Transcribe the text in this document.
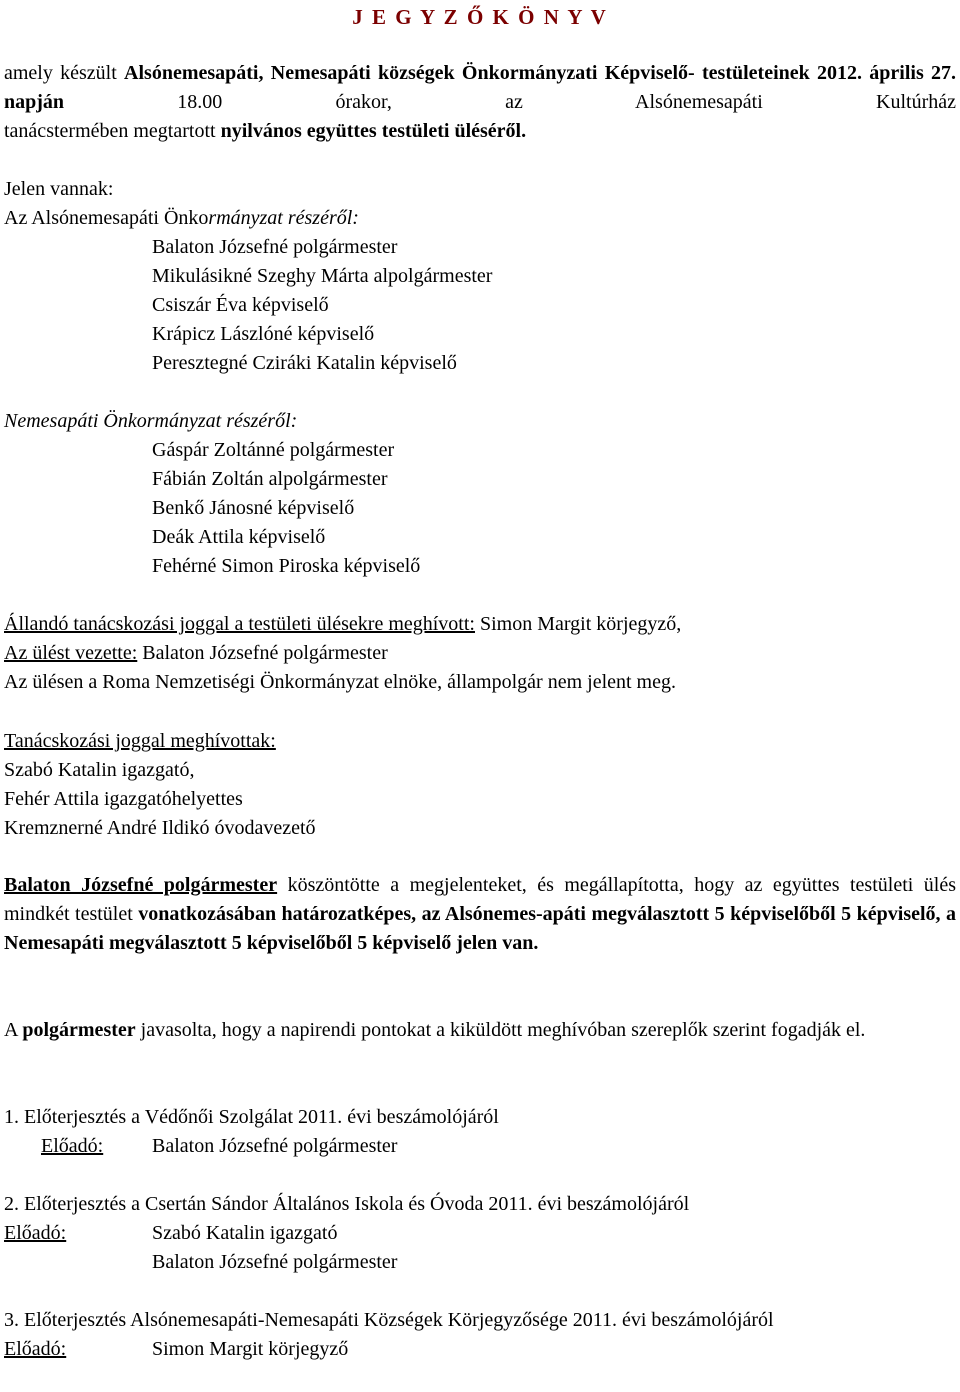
J E G Y Z Ő K Ö N Y V
amely készült Alsónemesapáti, Nemesapáti községek Önkormányzati Képviselő- testületeinek 2012. április 27. napján	18.00 órakor, az Alsónemesapáti Kultúrház
tanácstermében megtartott nyilvános együttes testületi üléséről.
Jelen vannak:
Az Alsónemesapáti Önkormányzat részéről:
Balaton Józsefné polgármester
Mikulásikné Szeghy Márta alpolgármester
Csiszár Éva képviselő
Krápicz Lászlóné képviselő
Peresztegné Cziráki Katalin képviselő
Nemesapáti Önkormányzat részéről:
Gáspár Zoltánné polgármester
Fábián Zoltán alpolgármester
Benkő Jánosné képviselő
Deák Attila képviselő
Fehérné Simon Piroska képviselő
Állandó tanácskozási joggal a testületi ülésekre meghívott: Simon Margit körjegyző,
Az ülést vezette: Balaton Józsefné polgármester
Az ülésen a Roma Nemzetiségi Önkormányzat elnöke, állampolgár nem jelent meg.
Tanácskozási joggal meghívottak:
Szabó Katalin igazgató,
Fehér Attila igazgatóhelyettes
Kremznerné André Ildikó óvodavezető
Balaton Józsefné polgármester köszöntötte a megjelenteket, és megállapította, hogy az együttes testületi ülés mindkét testület vonatkozásában határozatképes, az Alsónemes-apáti megválasztott 5 képviselőből 5 képviselő, a Nemesapáti megválasztott 5 képviselőből 5 képviselő jelen van.
A polgármester javasolta, hogy a napirendi pontokat a kiküldött meghívóban szereplők szerint fogadják el.
1. Előterjesztés a Védőnői Szolgálat 2011. évi beszámolójáról
Előadó: Balaton Józsefné polgármester
2. Előterjesztés a Csertán Sándor Általános Iskola és Óvoda 2011. évi beszámolójáról
Előadó:	Szabó Katalin igazgató
Balaton Józsefné polgármester
3. Előterjesztés Alsónemesapáti-Nemesapáti Községek Körjegyzősége 2011. évi beszámolójáról
Előadó:	Simon Margit körjegyző
